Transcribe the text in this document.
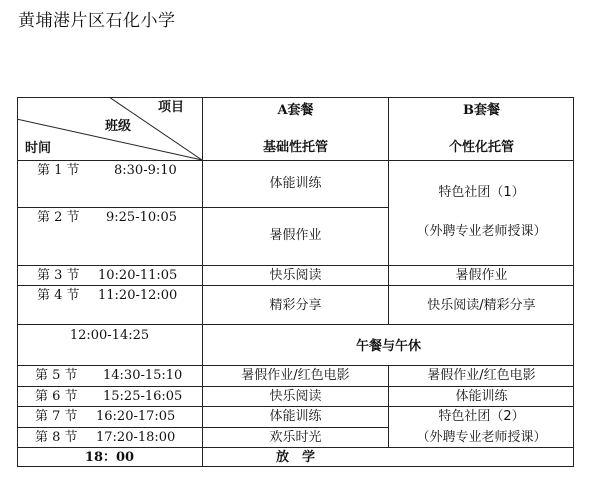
黄埔港片区石化小学
项目
班级
时间
A套餐
基础性托管
B套餐
个性化托管
第 1 节	8:30-9:10
第 2 节 9:25-10:05
第 3 节 10:20-11:05
第 4 节 11:20-12:00
12:00-14:25
第 5 节 14:30-15:10
第 6 节 15:25-16:05
第 7 节 16:20-17:05
第 8 节 17:20-18:00
18：00
体能训练
暑假作业
快乐阅读
精彩分享
暑假作业/红色电影
快乐阅读
体能训练
欢乐时光
午餐与午休
放　学
特色社团（1）
（外聘专业老师授课）
暑假作业
快乐阅读/精彩分享
暑假作业/红色电影
体能训练
特色社团（2）
（外聘专业老师授课）
